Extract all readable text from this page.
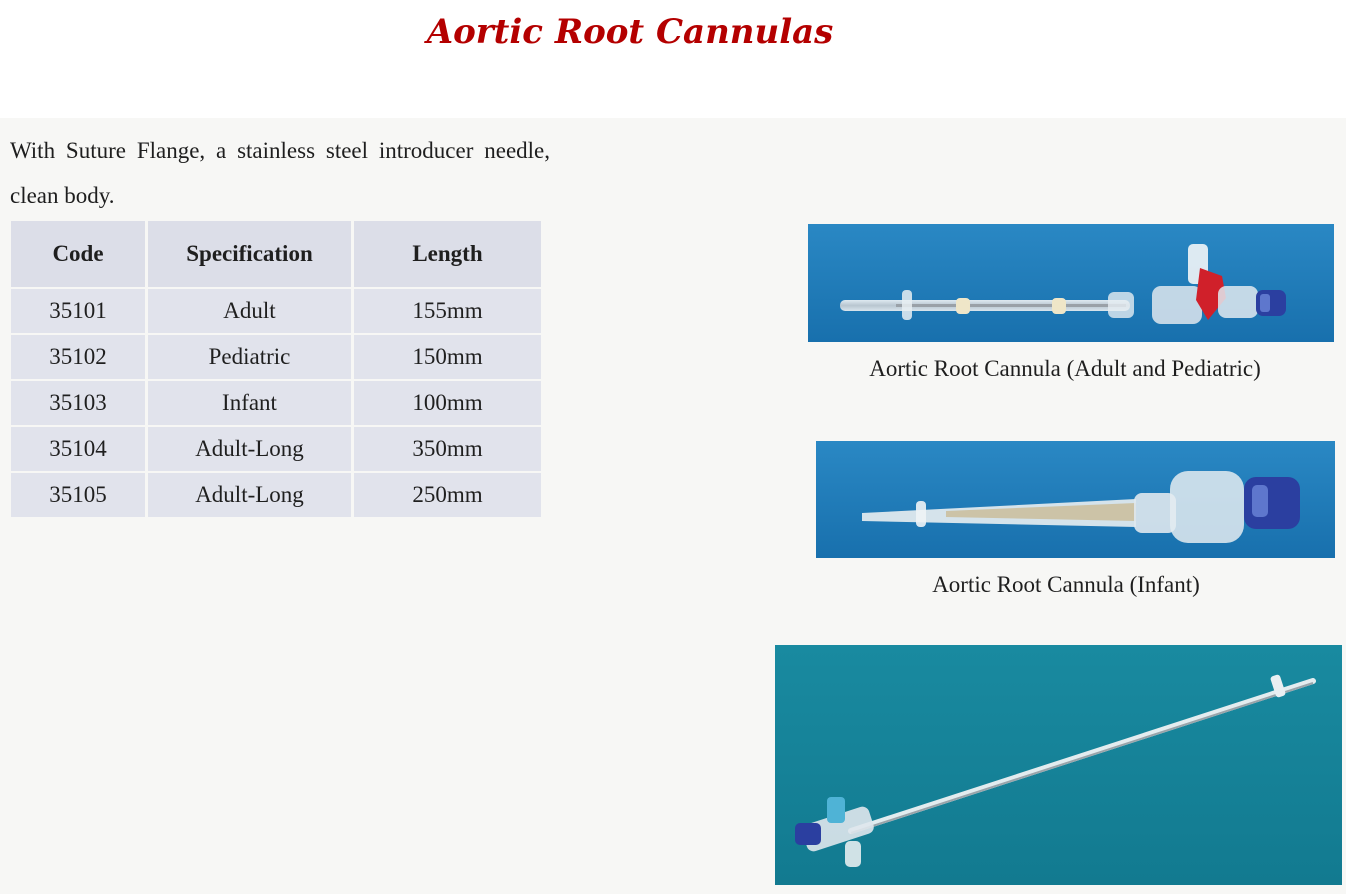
Aortic Root Cannulas

With Suture Flange, a stainless steel introducer needle, clean body.

Code	Specification	Length
35101	Adult	155mm
35102	Pediatric	150mm
35103	Infant	100mm
35104	Adult-Long	350mm
35105	Adult-Long	250mm

Aortic Root Cannula (Adult and Pediatric)

Aortic Root Cannula (Infant)
